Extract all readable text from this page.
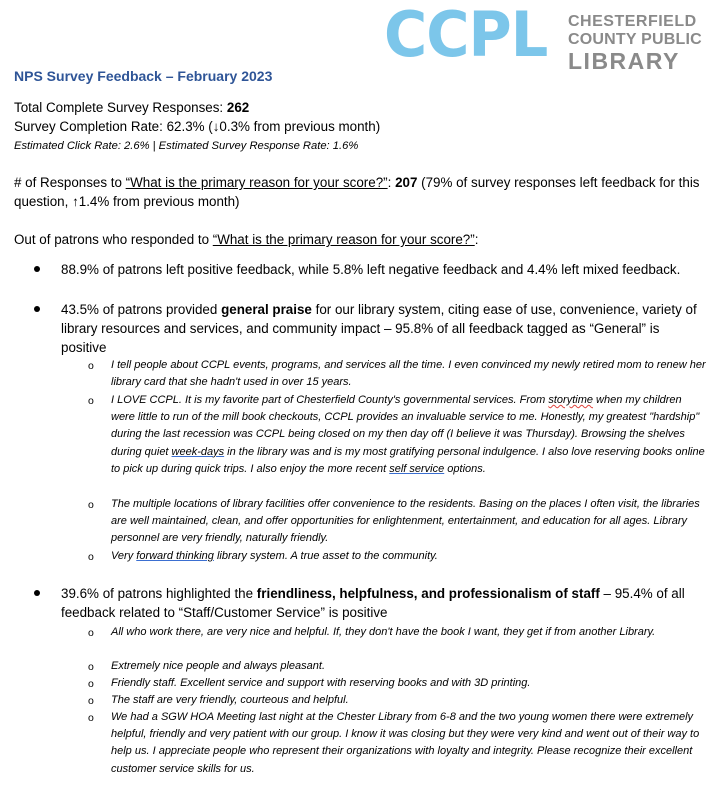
CCPL CHESTERFIELD
COUNTY PUBLIC
LIBRARY
NPS Survey Feedback – February 2023
Total Complete Survey Responses: 262
Survey Completion Rate: 62.3% (↓0.3% from previous month)
Estimated Click Rate: 2.6% | Estimated Survey Response Rate: 1.6%
# of Responses to “What is the primary reason for your score?”: 207 (79% of survey responses left feedback for this question, ↑1.4% from previous month)
Out of patrons who responded to “What is the primary reason for your score?”:
88.9% of patrons left positive feedback, while 5.8% left negative feedback and 4.4% left mixed feedback.
43.5% of patrons provided general praise for our library system, citing ease of use, convenience, variety of library resources and services, and community impact – 95.8% of all feedback tagged as “General” is positive
o I tell people about CCPL events, programs, and services all the time. I even convinced my newly retired mom to renew her library card that she hadn't used in over 15 years.
o I LOVE CCPL. It is my favorite part of Chesterfield County's governmental services. From storytime when my children were little to run of the mill book checkouts, CCPL provides an invaluable service to me. Honestly, my greatest "hardship" during the last recession was CCPL being closed on my then day off (I believe it was Thursday). Browsing the shelves during quiet week-days in the library was and is my most gratifying personal indulgence. I also love reserving books online to pick up during quick trips. I also enjoy the more recent self service options.
o The multiple locations of library facilities offer convenience to the residents. Basing on the places I often visit, the libraries are well maintained, clean, and offer opportunities for enlightenment, entertainment, and education for all ages. Library personnel are very friendly, naturally friendly.
o Very forward thinking library system. A true asset to the community.
39.6% of patrons highlighted the friendliness, helpfulness, and professionalism of staff – 95.4% of all feedback related to “Staff/Customer Service” is positive
o All who work there, are very nice and helpful. If, they don't have the book I want, they get if from another Library.
o Extremely nice people and always pleasant.
o Friendly staff. Excellent service and support with reserving books and with 3D printing.
o The staff are very friendly, courteous and helpful.
o We had a SGW HOA Meeting last night at the Chester Library from 6-8 and the two young women there were extremely helpful, friendly and very patient with our group. I know it was closing but they were very kind and went out of their way to help us. I appreciate people who represent their organizations with loyalty and integrity. Please recognize their excellent customer service skills for us.
